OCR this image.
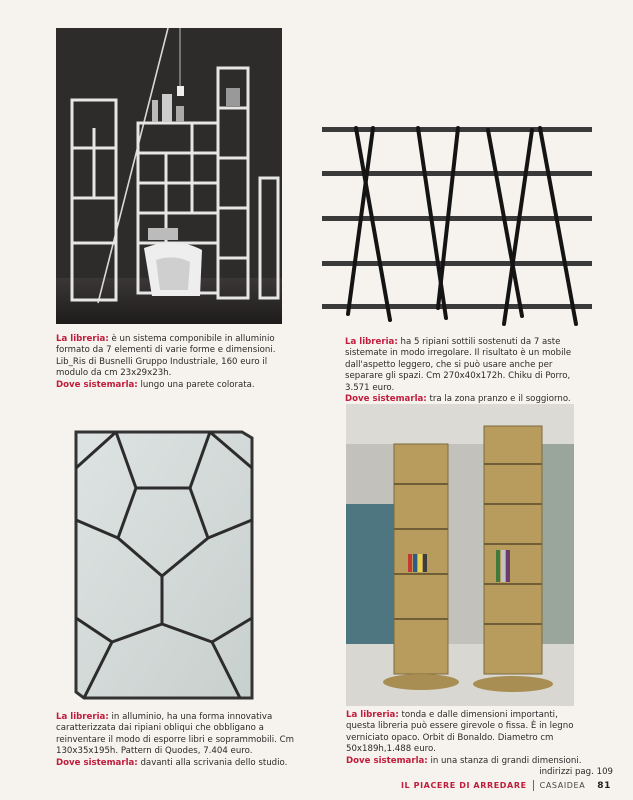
La libreria: è un sistema componibile in alluminio formato da 7 elementi di varie forme e dimensioni. Lib_Ris di Busnelli Gruppo Industriale, 160 euro il modulo da cm 23x29x23h.

Dove sistemarla: lungo una parete colorata.

La libreria: ha 5 ripiani sottili sostenuti da 7 aste sistemate in modo irregolare. Il risultato è un mobile dall'aspetto leggero, che si può usare anche per separare gli spazi. Cm 270x40x172h. Chiku di Porro, 3.571 euro.

Dove sistemarla: tra la zona pranzo e il soggiorno.

La libreria: in alluminio, ha una forma innovativa caratterizzata dai ripiani obliqui che obbligano a reinventare il modo di esporre libri e soprammobili. Cm 130x35x195h. Pattern di Quodes, 7.404 euro.

Dove sistemarla: davanti alla scrivania dello studio.

La libreria: tonda e dalle dimensioni importanti, questa libreria può essere girevole o fissa. È in legno verniciato opaco. Orbit di Bonaldo. Diametro cm 50x189h,1.488 euro.

Dove sistemarla: in una stanza di grandi dimensioni.

indirizzi pag. 109
IL PIACERE DI ARREDARE CASAIDEA 81
